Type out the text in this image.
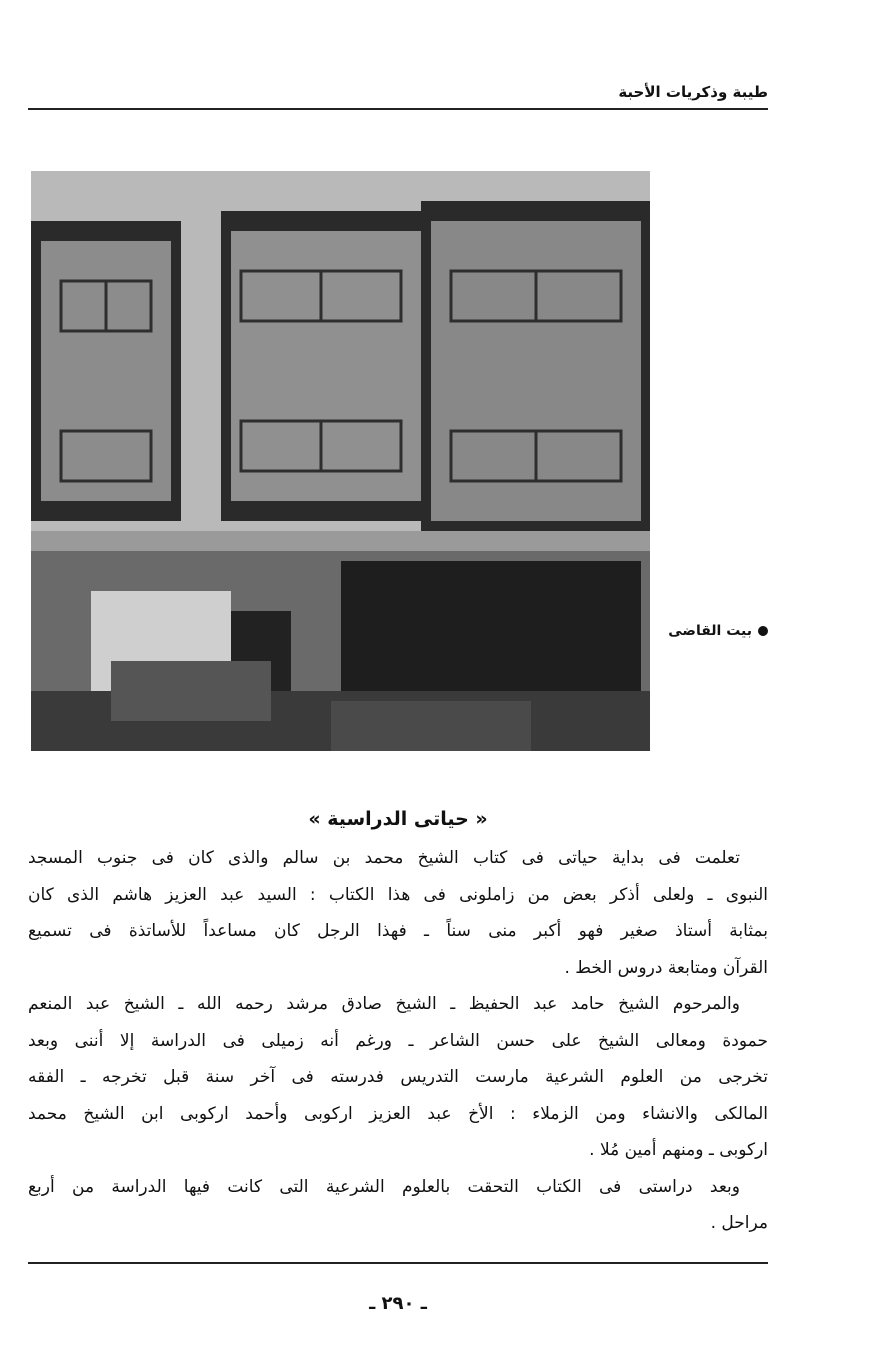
طيبة وذكريات الأحبة
بيت القاضى
« حياتى الدراسية »
تعلمت فى بداية حياتى فى كتاب الشيخ محمد بن سالم والذى كان فى جنوب المسجد
النبوى ـ ولعلى أذكر بعض من زاملونى فى هذا الكتاب : السيد عبد العزيز هاشم الذى كان
بمثابة أستاذ صغير فهو أكبر منى سناً ـ فهذا الرجل كان مساعداً للأساتذة فى تسميع
القرآن ومتابعة دروس الخط .
والمرحوم الشيخ حامد عبد الحفيظ ـ الشيخ صادق مرشد رحمه الله ـ الشيخ عبد المنعم
حمودة ومعالى الشيخ على حسن الشاعر ـ ورغم أنه زميلى فى الدراسة إلا أننى وبعد
تخرجى من العلوم الشرعية مارست التدريس فدرسته فى آخر سنة قبل تخرجه ـ الفقه
المالكى والانشاء ومن الزملاء : الأخ عبد العزيز اركوبى وأحمد اركوبى ابن الشيخ محمد
اركوبى ـ ومنهم أمين مُلا .
وبعد دراستى فى الكتاب التحقت بالعلوم الشرعية التى كانت فيها الدراسة من أربع
مراحل .
ـ ٢٩٠ ـ
